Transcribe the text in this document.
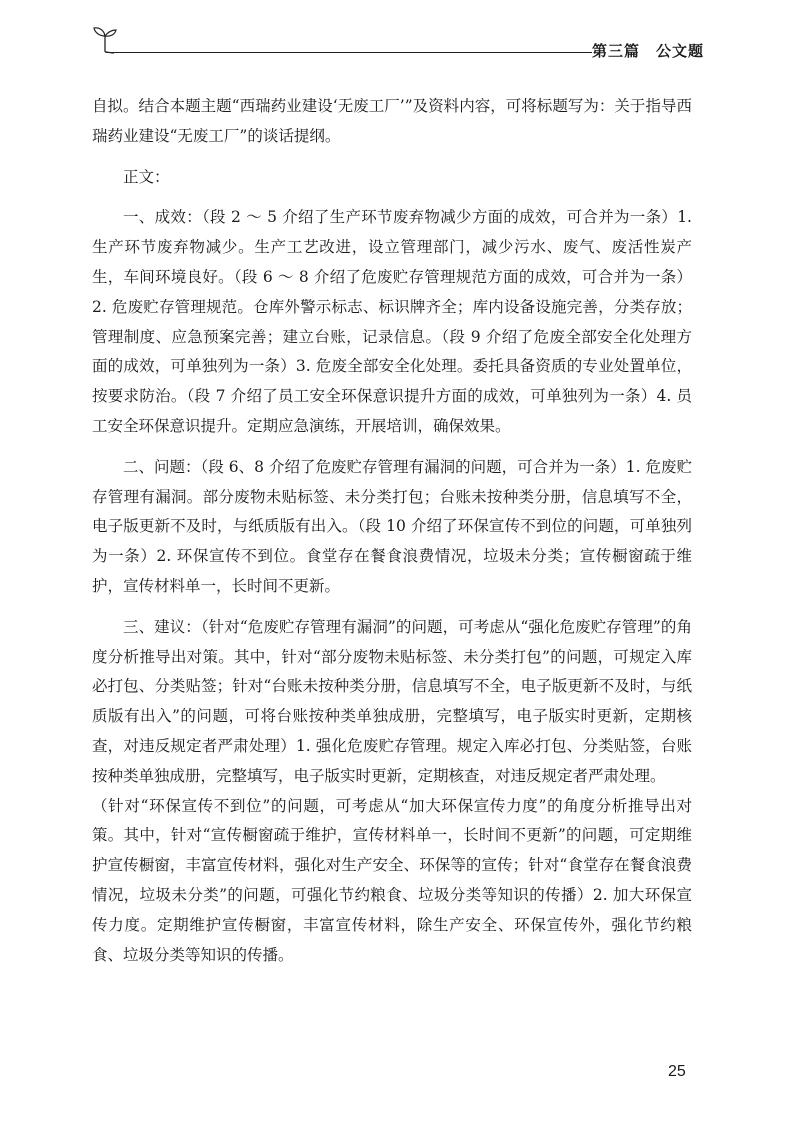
第三篇　公文题

自拟。结合本题主题“西瑞药业建设‘无废工厂’”及资料内容，可将标题写为：关于指导西瑞药业建设“无废工厂”的谈话提纲。

正文：

一、成效：（段 2 ～ 5 介绍了生产环节废弃物减少方面的成效，可合并为一条）1. 生产环节废弃物减少。生产工艺改进，设立管理部门，减少污水、废气、废活性炭产生，车间环境良好。（段 6 ～ 8 介绍了危废贮存管理规范方面的成效，可合并为一条）2. 危废贮存管理规范。仓库外警示标志、标识牌齐全；库内设备设施完善，分类存放；管理制度、应急预案完善；建立台账，记录信息。（段 9 介绍了危废全部安全化处理方面的成效，可单独列为一条）3. 危废全部安全化处理。委托具备资质的专业处置单位，按要求防治。（段 7 介绍了员工安全环保意识提升方面的成效，可单独列为一条）4. 员工安全环保意识提升。定期应急演练，开展培训，确保效果。

二、问题：（段 6、8 介绍了危废贮存管理有漏洞的问题，可合并为一条）1. 危废贮存管理有漏洞。部分废物未贴标签、未分类打包；台账未按种类分册，信息填写不全，电子版更新不及时，与纸质版有出入。（段 10 介绍了环保宣传不到位的问题，可单独列为一条）2. 环保宣传不到位。食堂存在餐食浪费情况，垃圾未分类；宣传橱窗疏于维护，宣传材料单一，长时间不更新。

三、建议：（针对“危废贮存管理有漏洞”的问题，可考虑从“强化危废贮存管理”的角度分析推导出对策。其中，针对“部分废物未贴标签、未分类打包”的问题，可规定入库必打包、分类贴签；针对“台账未按种类分册，信息填写不全，电子版更新不及时，与纸质版有出入”的问题，可将台账按种类单独成册，完整填写，电子版实时更新，定期核查，对违反规定者严肃处理）1. 强化危废贮存管理。规定入库必打包、分类贴签，台账按种类单独成册，完整填写，电子版实时更新，定期核查，对违反规定者严肃处理。

（针对“环保宣传不到位”的问题，可考虑从“加大环保宣传力度”的角度分析推导出对策。其中，针对“宣传橱窗疏于维护，宣传材料单一，长时间不更新”的问题，可定期维护宣传橱窗，丰富宣传材料，强化对生产安全、环保等的宣传；针对“食堂存在餐食浪费情况，垃圾未分类”的问题，可强化节约粮食、垃圾分类等知识的传播）2. 加大环保宣传力度。定期维护宣传橱窗，丰富宣传材料，除生产安全、环保宣传外，强化节约粮食、垃圾分类等知识的传播。

25
